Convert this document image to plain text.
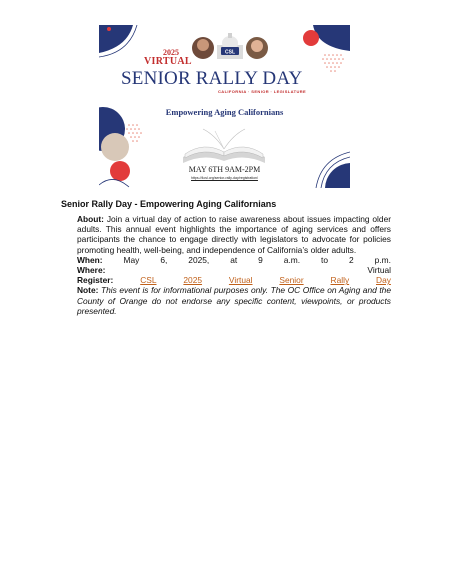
2025
VIRTUAL
CSL
SENIOR RALLY DAY
CALIFORNIA · SENIOR · LEGISLATURE
Empowering Aging Californians
MAY 6TH 9AM-2PM
https://4csl.org/senior-rally-day/registration/
Senior Rally Day - Empowering Aging Californians

About: Join a virtual day of action to raise awareness about issues impacting older adults. This annual event highlights the importance of aging services and offers participants the chance to engage directly with legislators to advocate for policies promoting health, well-being, and independence of California’s older adults.

When: May 6, 2025, at 9 a.m. to 2 p.m.
Where:	Virtual
Register:	CSL	2025	Virtual	Senior	Rally	Day

Note: This event is for informational purposes only. The OC Office on Aging and the County of Orange do not endorse any specific content, viewpoints, or products presented.
